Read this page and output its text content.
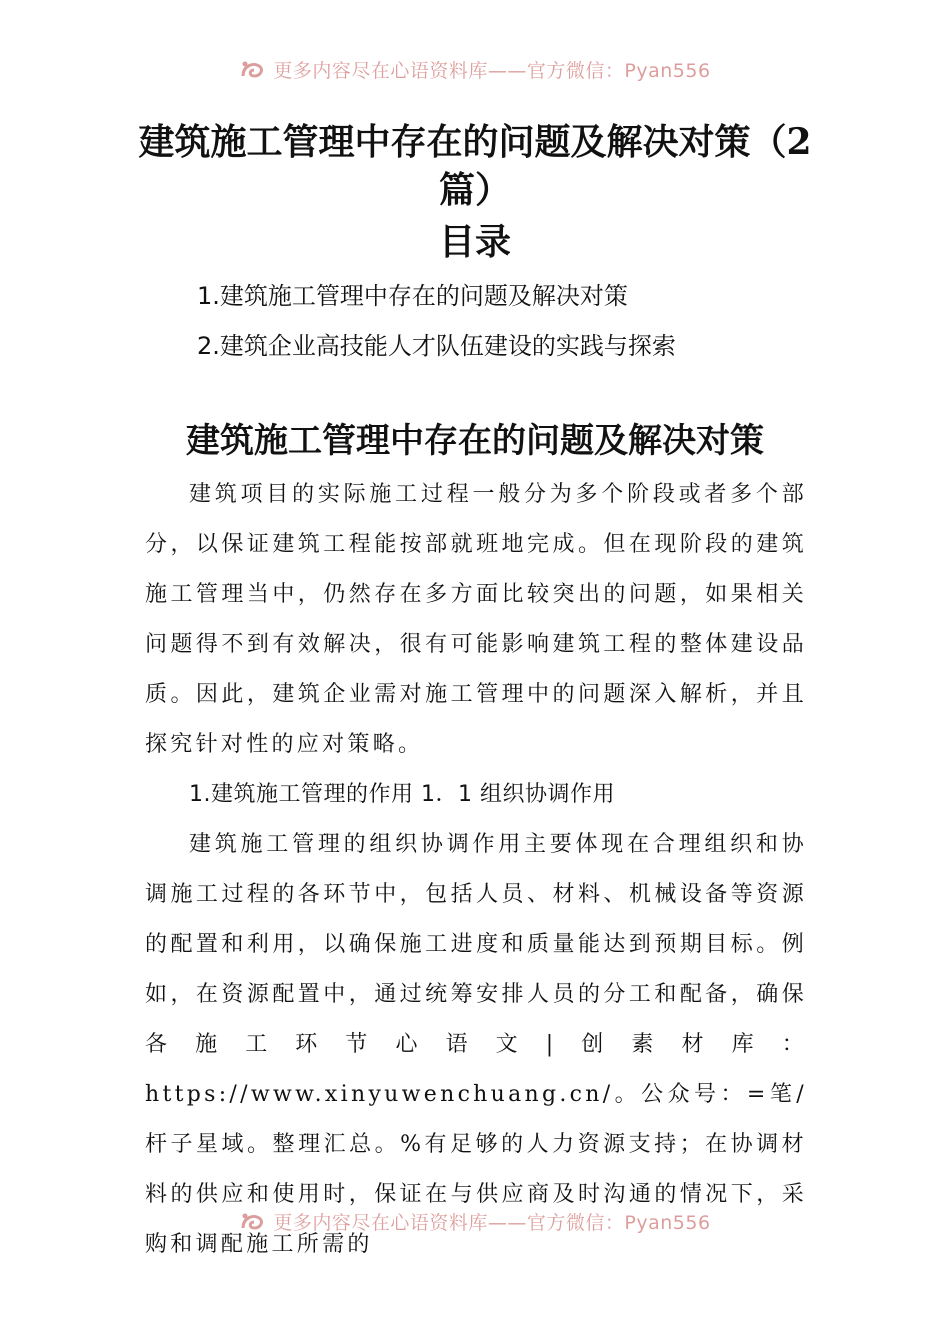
更多内容尽在心语资料库——官方微信：Pyan556
建筑施工管理中存在的问题及解决对策（2篇）
目录
1.建筑施工管理中存在的问题及解决对策
2.建筑企业高技能人才队伍建设的实践与探索
建筑施工管理中存在的问题及解决对策

建筑项目的实际施工过程一般分为多个阶段或者多个部分，以保证建筑工程能按部就班地完成。但在现阶段的建筑施工管理当中，仍然存在多方面比较突出的问题，如果相关问题得不到有效解决，很有可能影响建筑工程的整体建设品质。因此，建筑企业需对施工管理中的问题深入解析，并且探究针对性的应对策略。

1.建筑施工管理的作用 1．1 组织协调作用

建筑施工管理的组织协调作用主要体现在合理组织和协调施工过程的各环节中，包括人员、材料、机械设备等资源的配置和利用，以确保施工进度和质量能达到预期目标。例如，在资源配置中，通过统筹安排人员的分工和配备，确保各施工环节心语文|创素材库：https://www.xinyuwenchuang.cn/。公众号：=笔/杆子星域。整理汇总。%有足够的人力资源支持；在协调材料的供应和使用时，保证在与供应商及时沟通的情况下，采购和调配施工所需的

更多内容尽在心语资料库——官方微信：Pyan556
